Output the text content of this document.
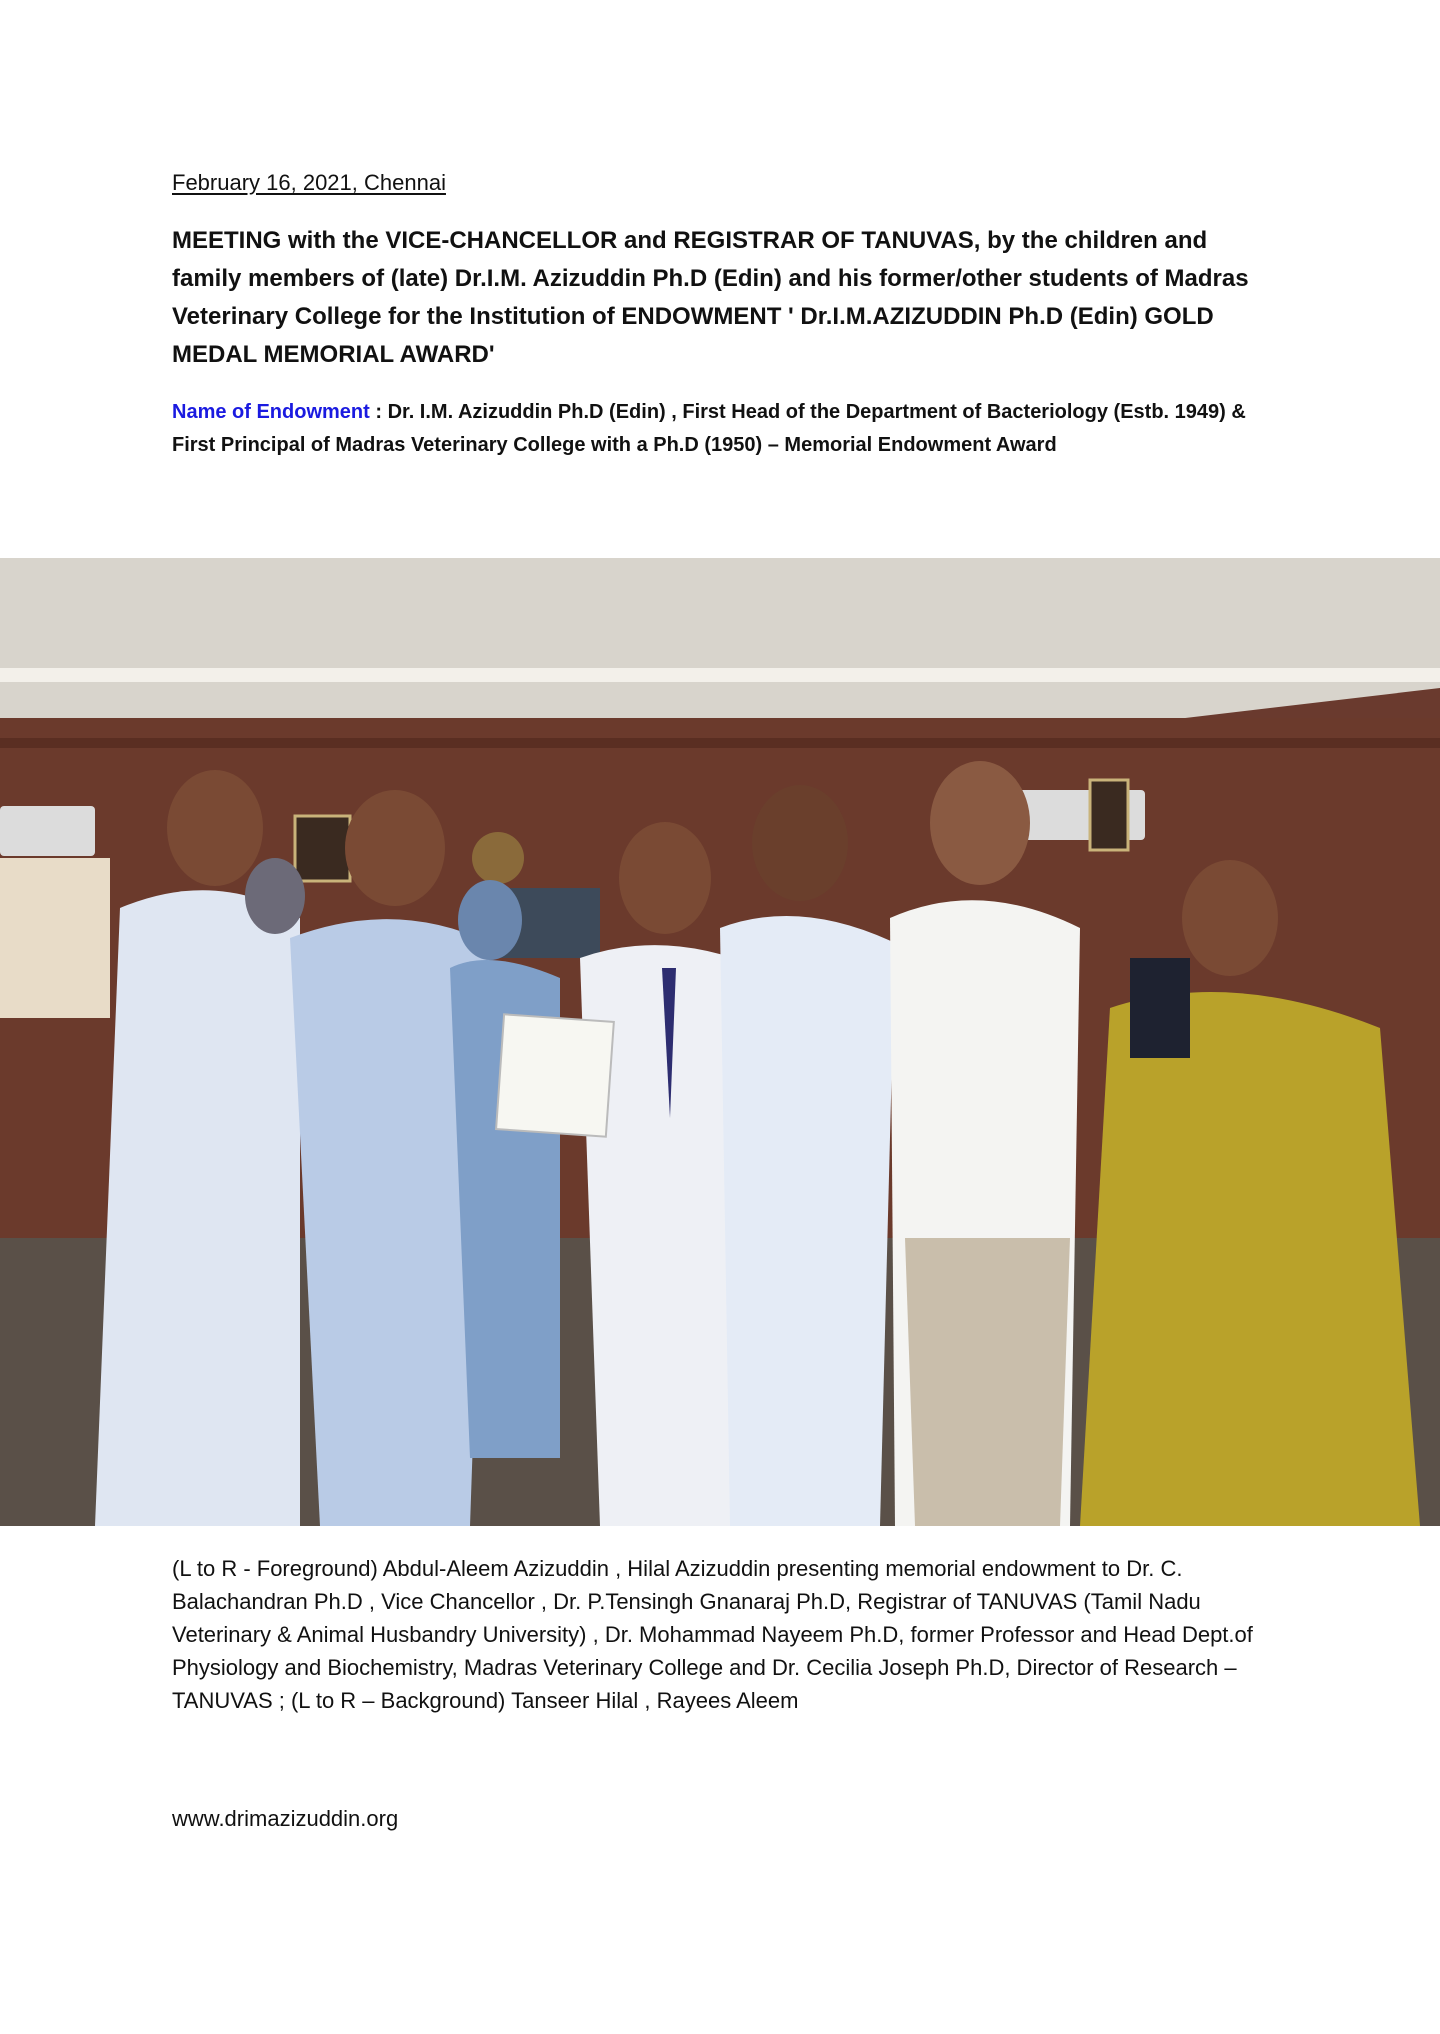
February 16, 2021, Chennai
MEETING with the VICE-CHANCELLOR and REGISTRAR OF TANUVAS, by the children and family members of (late) Dr.I.M. Azizuddin Ph.D (Edin) and his former/other students of Madras Veterinary College for the Institution of ENDOWMENT ' Dr.I.M.AZIZUDDIN Ph.D (Edin) GOLD MEDAL MEMORIAL AWARD'
Name of Endowment : Dr. I.M. Azizuddin Ph.D (Edin) , First Head of the Department of Bacteriology (Estb. 1949) & First Principal of Madras Veterinary College with a Ph.D (1950) – Memorial Endowment Award
(L to R - Foreground) Abdul-Aleem Azizuddin , Hilal Azizuddin presenting memorial endowment to Dr. C. Balachandran Ph.D , Vice Chancellor , Dr. P.Tensingh Gnanaraj Ph.D, Registrar of TANUVAS (Tamil Nadu Veterinary & Animal Husbandry University) , Dr. Mohammad Nayeem Ph.D, former Professor and Head Dept.of Physiology and Biochemistry, Madras Veterinary College and Dr. Cecilia Joseph Ph.D, Director of Research – TANUVAS ; (L to R – Background) Tanseer Hilal , Rayees Aleem
www.drimazizuddin.org
